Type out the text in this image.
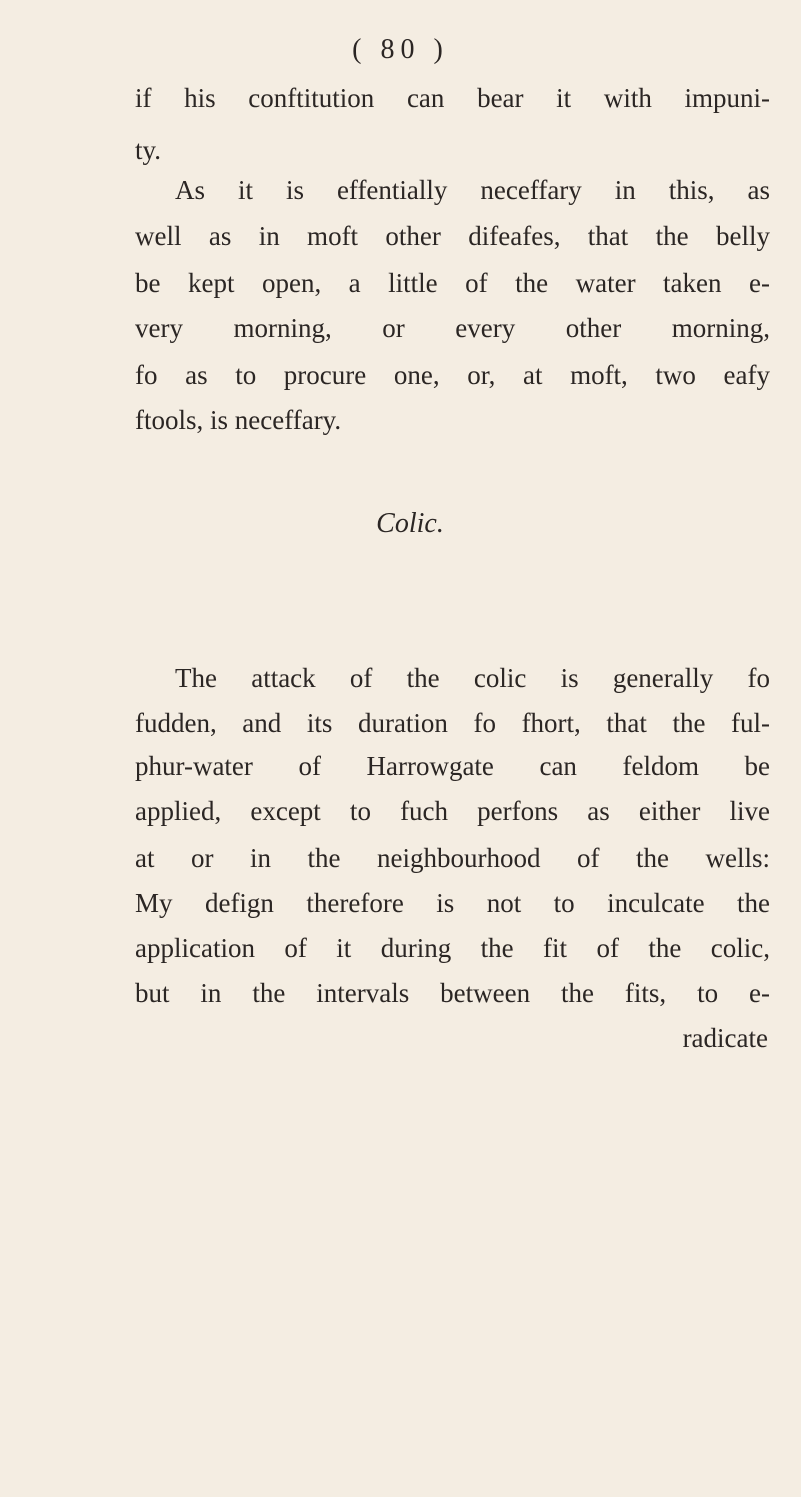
( 80 )
if his conftitution can bear it with impuni-
ty.
As it is effentially neceffary in this, as
well as in moft other difeafes, that the belly
be kept open, a little of the water taken e-
very morning, or every other morning,
fo as to procure one, or, at moft, two eafy
ftools, is neceffary.
Colic.
The attack of the colic is generally fo
fudden, and its duration fo fhort, that the ful-
phur-water of Harrowgate can feldom be
applied, except to fuch perfons as either live
at or in the neighbourhood of the wells:
My defign therefore is not to inculcate the
application of it during the fit of the colic,
but in the intervals between the fits, to e-
radicate
